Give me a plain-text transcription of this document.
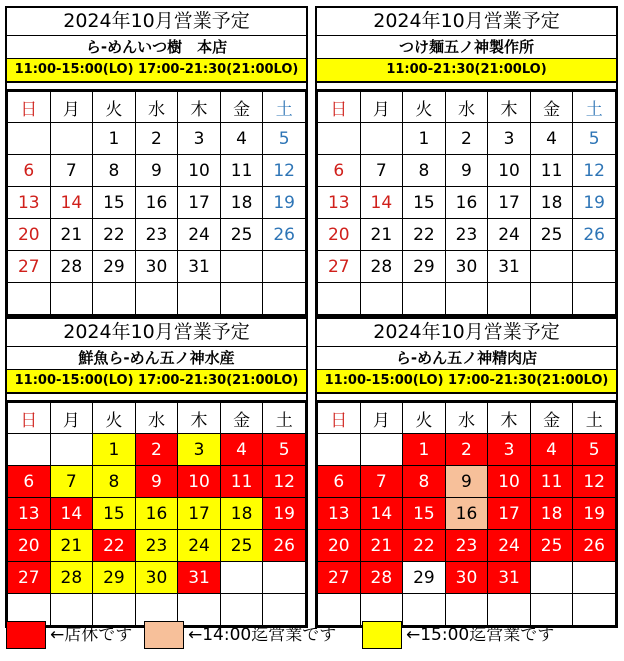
2024年10月営業予定
ら-めんいつ樹　本店
11:00-15:00(LO) 17:00-21:30(21:00LO)
日	月	火	水	木	金	土
		1	2	3	4	5
6	7	8	9	10	11	12
13	14	15	16	17	18	19
20	21	22	23	24	25	26
27	28	29	30	31		

2024年10月営業予定
つけ麺五ノ神製作所
11:00-21:30(21:00LO)
日	月	火	水	木	金	土
		1	2	3	4	5
6	7	8	9	10	11	12
13	14	15	16	17	18	19
20	21	22	23	24	25	26
27	28	29	30	31		

2024年10月営業予定
鮮魚ら-めん五ノ神水産
11:00-15:00(LO) 17:00-21:30(21:00LO)
日	月	火	水	木	金	土
		1	2	3	4	5
6	7	8	9	10	11	12
13	14	15	16	17	18	19
20	21	22	23	24	25	26
27	28	29	30	31		

2024年10月営業予定
ら-めん五ノ神精肉店
11:00-15:00(LO) 17:00-21:30(21:00LO)
日	月	火	水	木	金	土
		1	2	3	4	5
6	7	8	9	10	11	12
13	14	15	16	17	18	19
20	21	22	23	24	25	26
27	28	29	30	31		

←店休です	←14:00迄営業です	←15:00迄営業です
